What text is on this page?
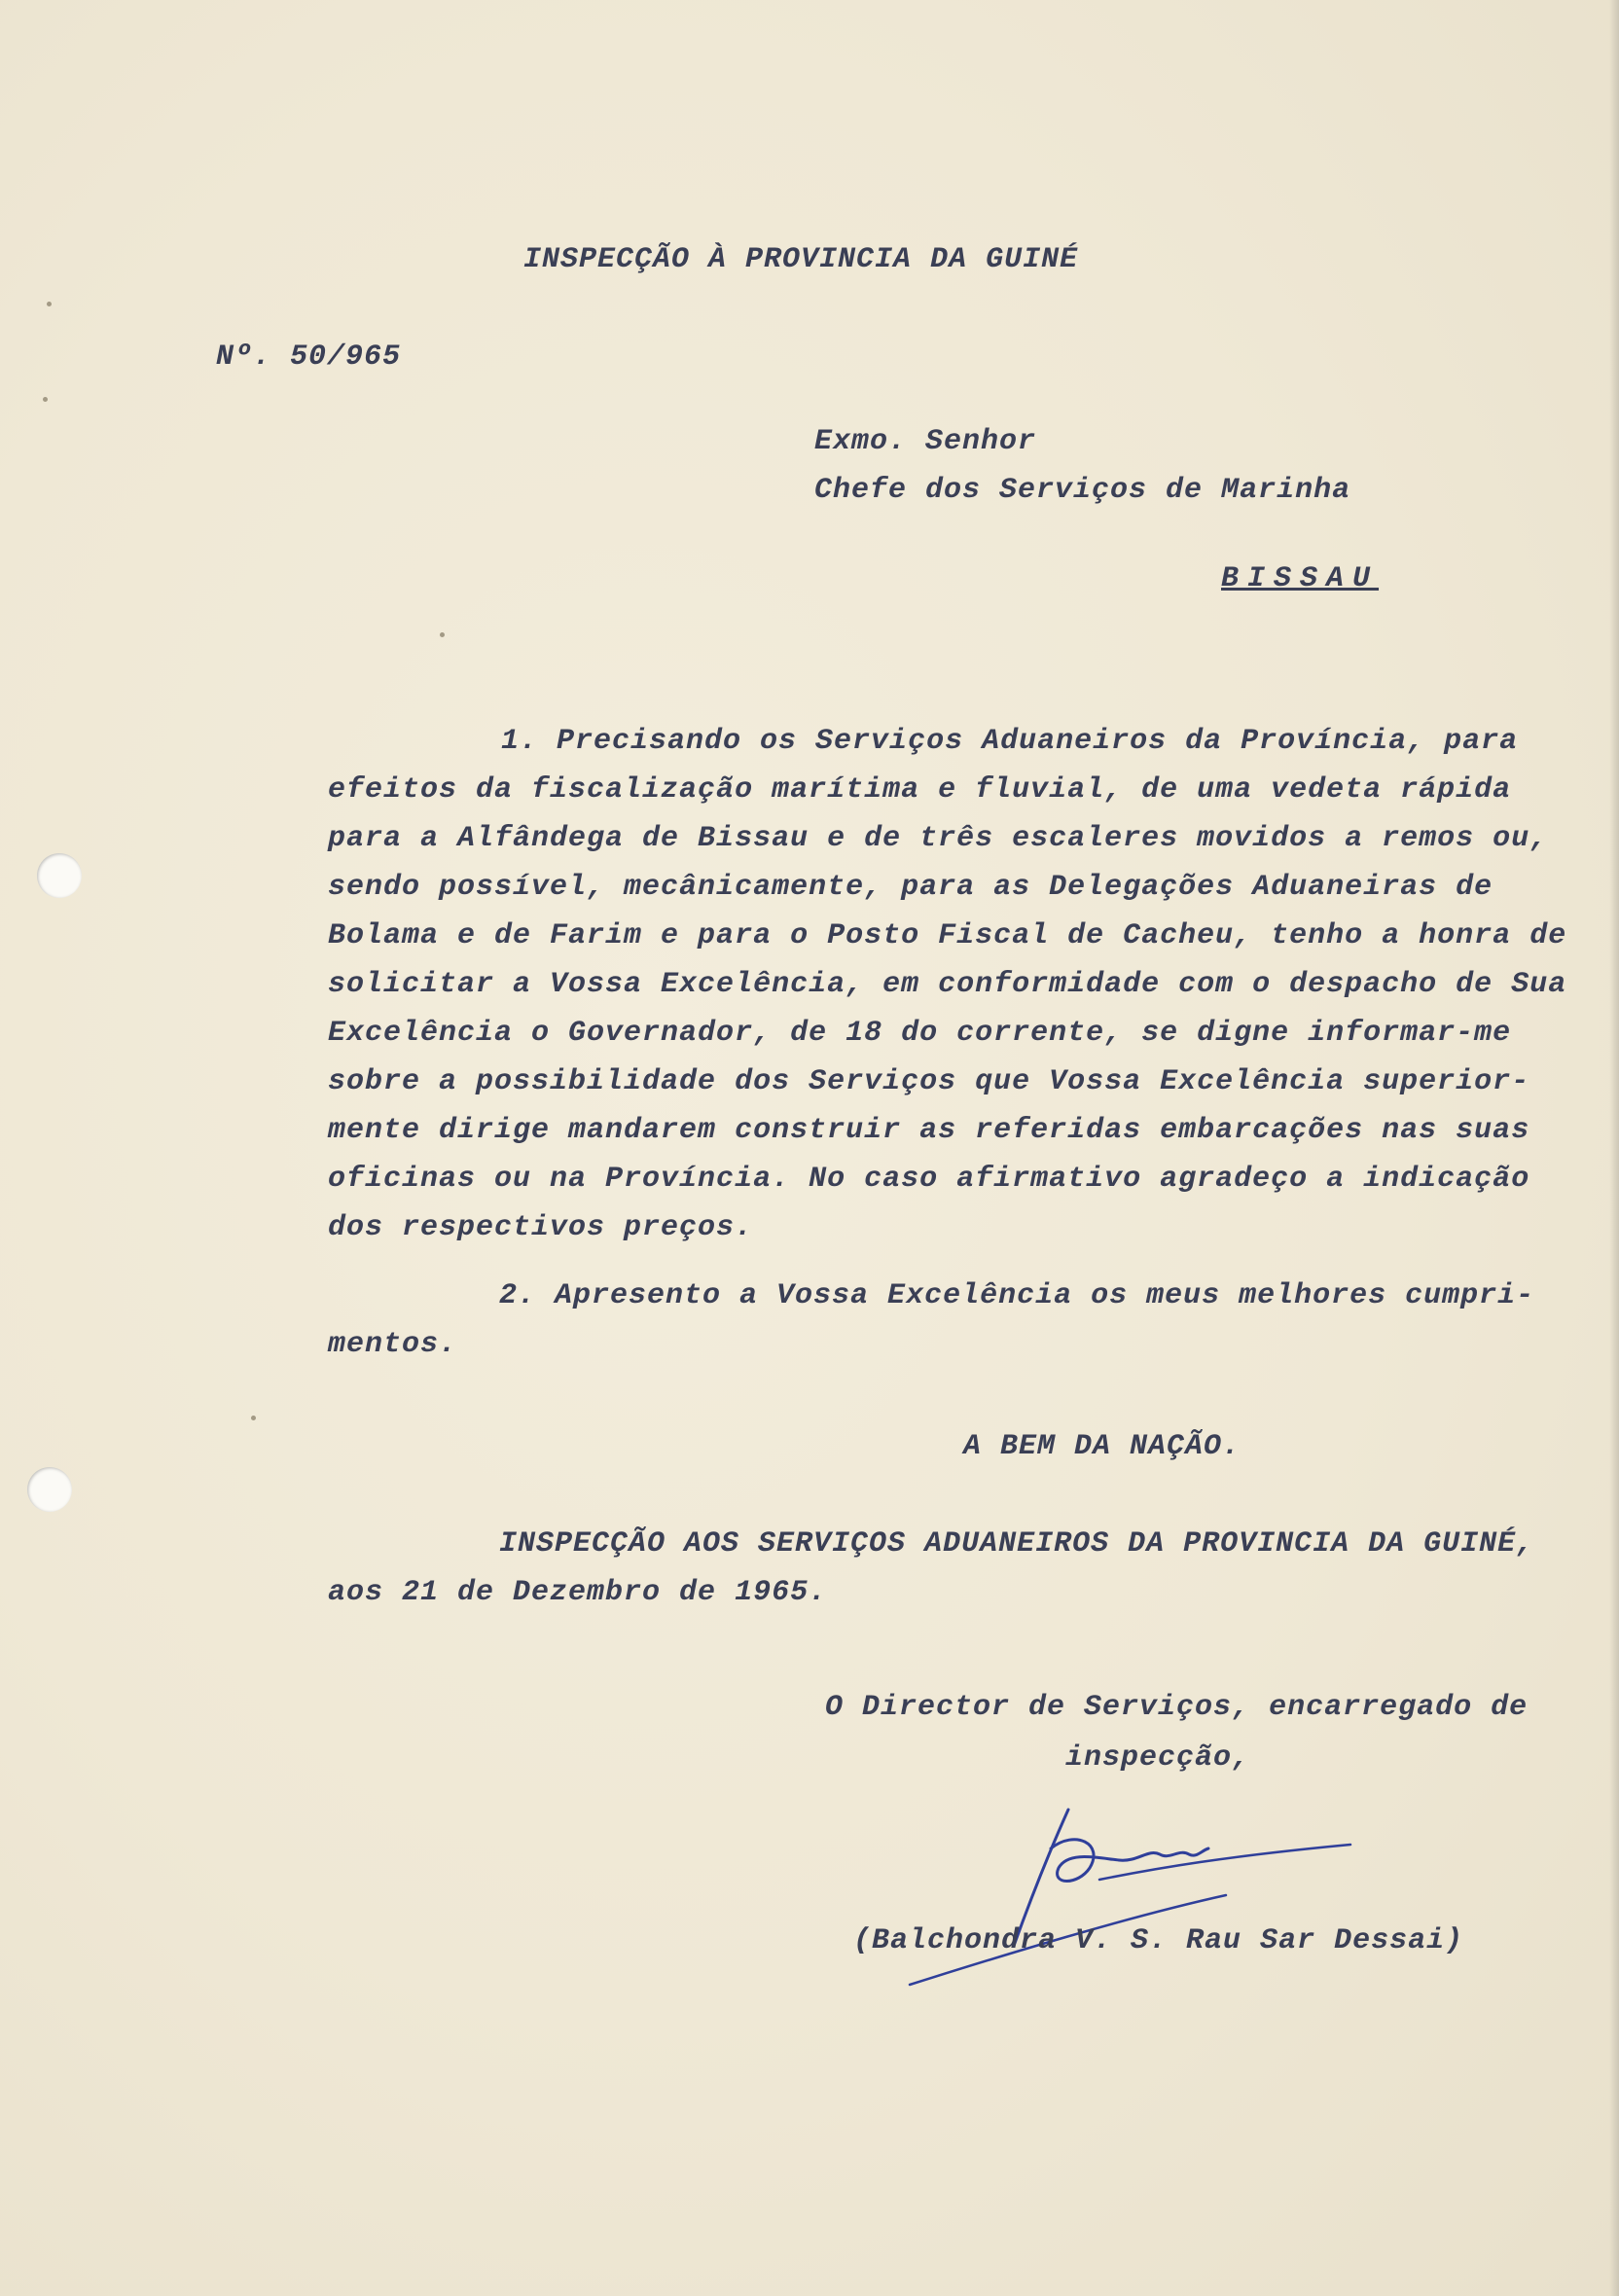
INSPECÇÃO À PROVINCIA DA GUINÉ
Nº. 50/965
Exmo. Senhor
Chefe dos Serviços de Marinha
BISSAU
1. Precisando os Serviços Aduaneiros da Província, para
efeitos da fiscalização marítima e fluvial, de uma vedeta rápida
para a Alfândega de Bissau e de três escaleres movidos a remos ou,
sendo possível, mecânicamente, para as Delegações Aduaneiras de
Bolama e de Farim e para o Posto Fiscal de Cacheu, tenho a honra de
solicitar a Vossa Excelência, em conformidade com o despacho de Sua
Excelência o Governador, de 18 do corrente, se digne informar-me
sobre a possibilidade dos Serviços que Vossa Excelência superior-
mente dirige mandarem construir as referidas embarcações nas suas
oficinas ou na Província. No caso afirmativo agradeço a indicação
dos respectivos preços.
2. Apresento a Vossa Excelência os meus melhores cumpri-
mentos.
A BEM DA NAÇÃO.
INSPECÇÃO AOS SERVIÇOS ADUANEIROS DA PROVINCIA DA GUINÉ,
aos 21 de Dezembro de 1965.
O Director de Serviços, encarregado de
inspecção,
(Balchondra V. S. Rau Sar Dessai)
